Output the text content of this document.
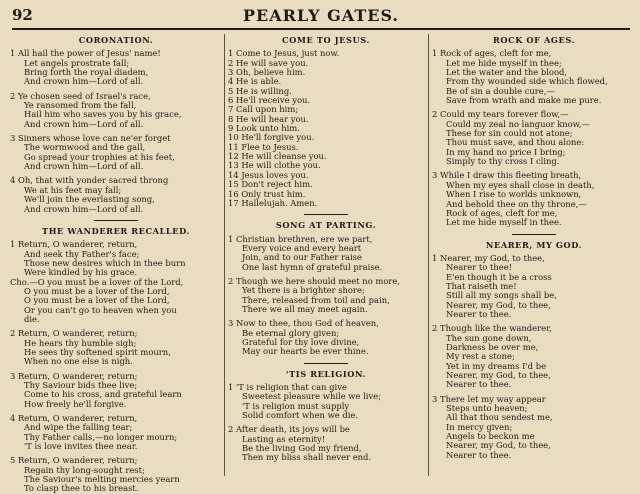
92	PEARLY GATES.
CORONATION.
1 All hail the power of Jesus' name!
Let angels prostrate fall;
Bring forth the royal diadem,
And crown him—Lord of all.
2 Ye chosen seed of Israel's race,
Ye ransomed from the fall,
Hail him who saves you by his grace,
And crown him—Lord of all.
3 Sinners whose love can ne'er forget
The wormwood and the gall,
Go spread your trophies at his feet,
And crown him—Lord of all.
4 Oh, that with yonder sacred throng
We at his feet may fall;
We'll join the everlasting song,
And crown him—Lord of all.
THE WANDERER RECALLED.
1 Return, O wanderer, return,
And seek thy Father's face;
Those new desires which in thee burn
Were kindled by his grace.
Cho.—O you must be a lover of the Lord,
O you must be a lover of the Lord,
O you must be a lover of the Lord,
Or you can't go to heaven when you
die.
2 Return, O wanderer, return;
He hears thy humble sigh;
He sees thy softened spirit mourn,
When no one else is nigh.
3 Return, O wanderer, return;
Thy Saviour bids thee live;
Come to his cross, and grateful learn
How freely he'll forgive.
4 Return, O wanderer, return,
And wipe the falling tear;
Thy Father calls,—no longer mourn;
'T is love invites thee near.
5 Return, O wanderer, return;
Regain thy long-sought rest;
The Saviour's melting mercies yearn
To clasp thee to his breast.
COME TO JESUS.
1 Come to Jesus, just now.
2 He will save you.
3 Oh, believe him.
4 He is able.
5 He is willing.
6 He'll receive you.
7 Call upon him;
8 He will hear you.
9 Look unto him.
10 He'll forgive you.
11 Flee to Jesus.
12 He will cleanse you.
13 He will clothe you.
14 Jesus loves you.
15 Don't reject him.
16 Only trust him.
17 Hallelujah. Amen.
SONG AT PARTING.
1 Christian brethren, ere we part,
Every voice and every heart
Join, and to our Father raise
One last hymn of grateful praise.
2 Though we here should meet no more,
Yet there is a brighter shore;
There, released from toil and pain,
There we all may meet again.
3 Now to thee, thou God of heaven,
Be eternal glory given;
Grateful for thy love divine,
May our hearts be ever thine.
'TIS RELIGION.
1 'T is religion that can give
Sweetest pleasure while we live;
'T is religion must supply
Solid comfort when we die.
2 After death, its joys will be
Lasting as eternity!
Be the living God my friend,
Then my bliss shall never end.
ROCK OF AGES.
1 Rock of ages, cleft for me,
Let me hide myself in thee;
Let the water and the blood,
From thy wounded side which flowed,
Be of sin a double cure,—
Save from wrath and make me pure.
2 Could my tears forever flow,—
Could my zeal no languor know,—
These for sin could not atone;
Thou must save, and thou alone:
In my hand no price I bring;
Simply to thy cross I cling.
3 While I draw this fleeting breath,
When my eyes shall close in death,
When I rise to worlds unknown,
And behold thee on thy throne,—
Rock of ages, cleft for me,
Let me hide myself in thee.
NEARER, MY GOD.
1 Nearer, my God, to thee,
Nearer to thee!
E'en though it be a cross
That raiseth me!
Still all my songs shall be,
Nearer, my God, to thee,
Nearer to thee.
2 Though like the wanderer,
The sun gone down,
Darkness be over me,
My rest a stone;
Yet in my dreams I'd be
Nearer, my God, to thee,
Nearer to thee.
3 There let my way appear
Steps unto heaven;
All that thou sendest me,
In mercy given;
Angels to beckon me
Nearer, my God, to thee,
Nearer to thee.
